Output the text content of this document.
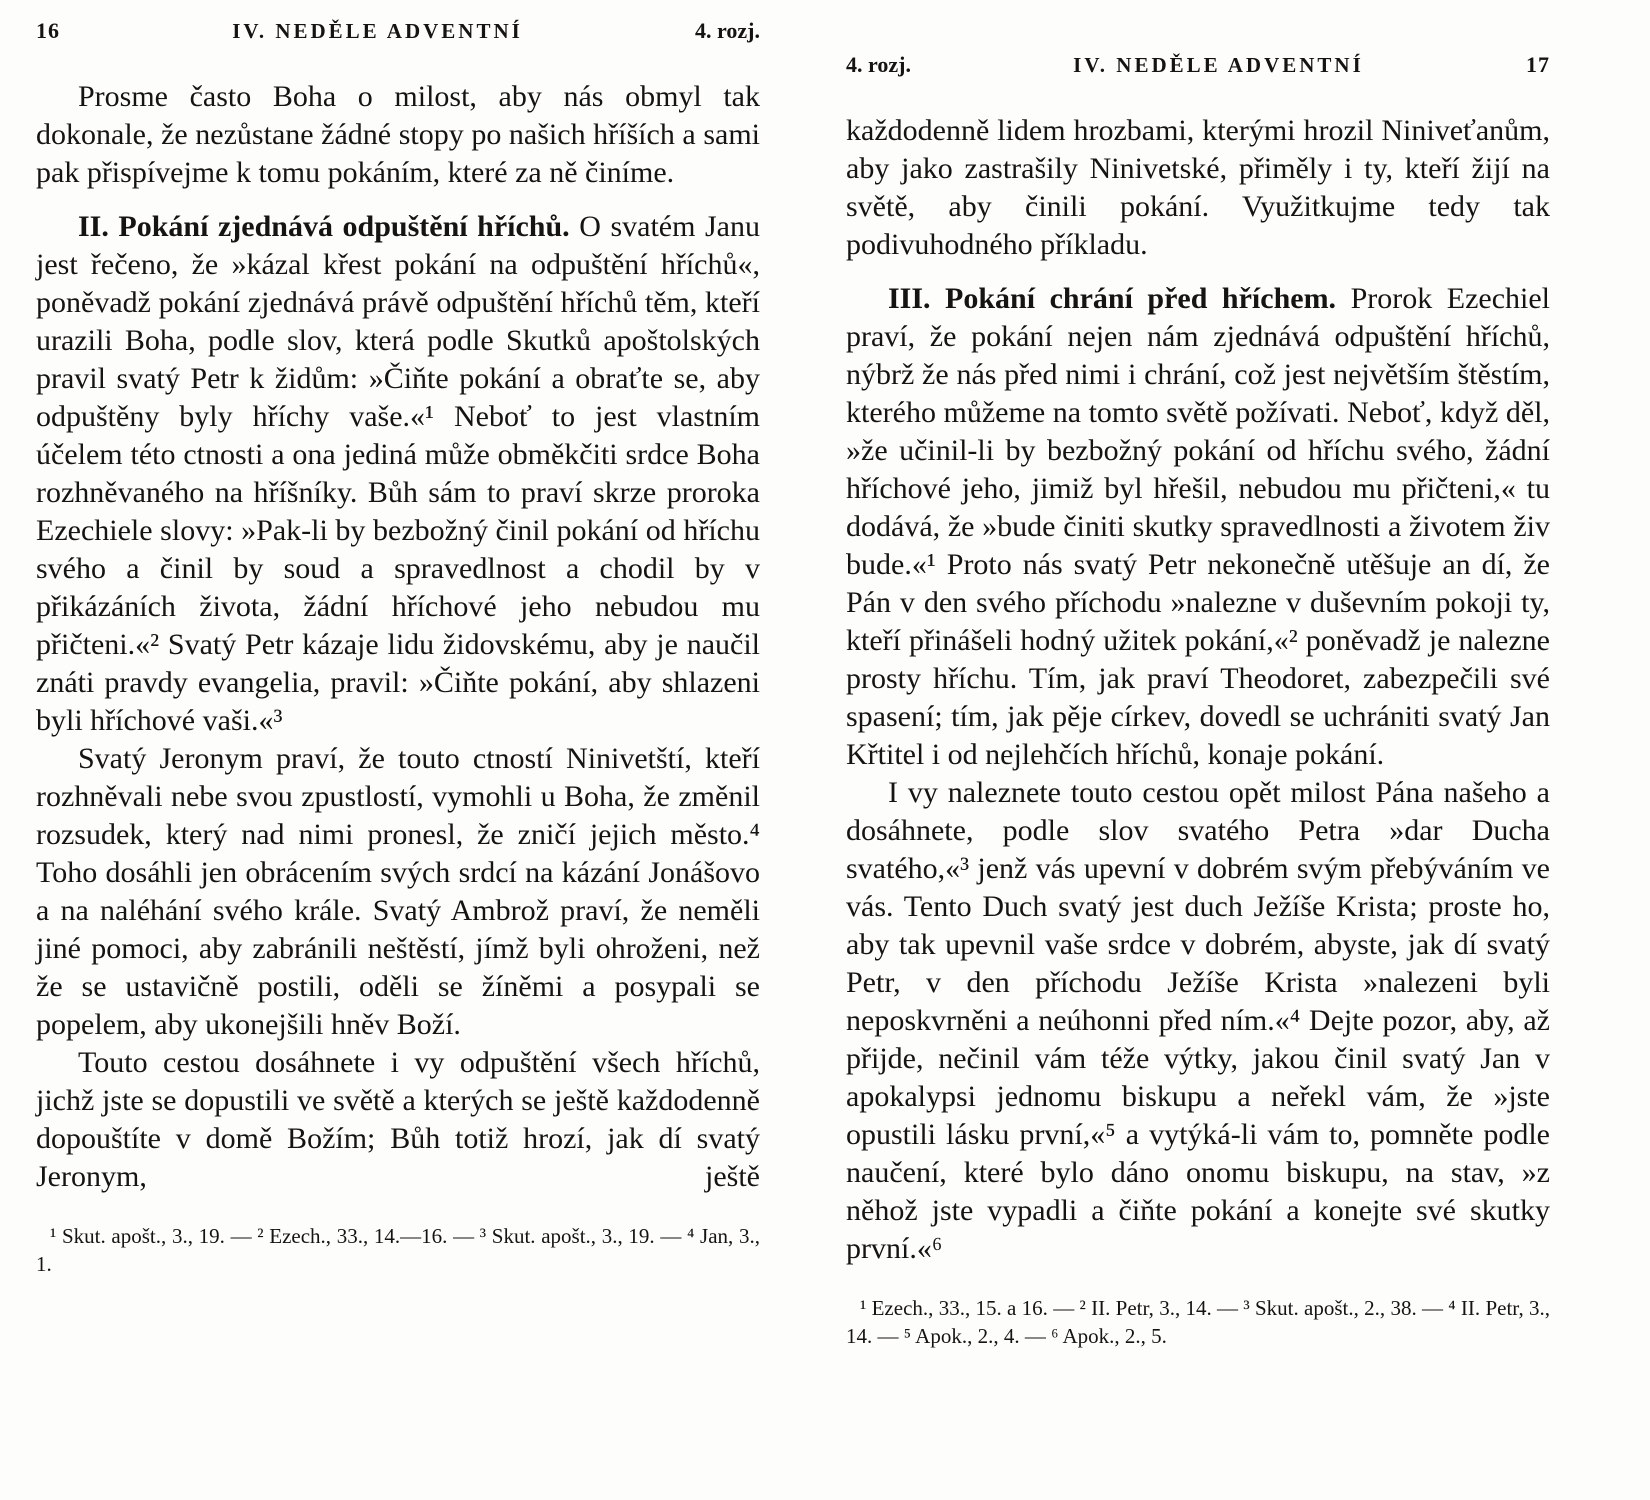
16	IV. NEDĚLE ADVENTNÍ	4. rozj.

Prosme často Boha o milost, aby nás obmyl tak dokonale, že nezůstane žádné stopy po našich hříších a sami pak přispívejme k tomu pokáním, které za ně činíme.

II. Pokání zjednává odpuštění hříchů. O svatém Janu jest řečeno, že »kázal křest pokání na odpuštění hříchů«, poněvadž pokání zjednává právě odpuštění hříchů těm, kteří urazili Boha, podle slov, která podle Skutků apoštolských pravil svatý Petr k židům: »Čiňte pokání a obraťte se, aby odpuštěny byly hříchy vaše.«¹ Neboť to jest vlastním účelem této ctnosti a ona jediná může obměkčiti srdce Boha rozhněvaného na hříšníky. Bůh sám to praví skrze proroka Ezechiele slovy: »Pak-li by bezbožný činil pokání od hříchu svého a činil by soud a spravedlnost a chodil by v přikázáních života, žádní hříchové jeho nebudou mu přičteni.«² Svatý Petr kázaje lidu židovskému, aby je naučil znáti pravdy evangelia, pravil: »Čiňte pokání, aby shlazeni byli hříchové vaši.«³

Svatý Jeronym praví, že touto ctností Ninivetští, kteří rozhněvali nebe svou zpustlostí, vymohli u Boha, že změnil rozsudek, který nad nimi pronesl, že zničí jejich město.⁴ Toho dosáhli jen obrácením svých srdcí na kázání Jonášovo a na naléhání svého krále. Svatý Ambrož praví, že neměli jiné pomoci, aby zabránili neštěstí, jímž byli ohroženi, než že se ustavičně postili, oděli se žíněmi a posypali se popelem, aby ukonejšili hněv Boží.

Touto cestou dosáhnete i vy odpuštění všech hříchů, jichž jste se dopustili ve světě a kterých se ještě každodenně dopouštíte v domě Božím; Bůh totiž hrozí, jak dí svatý Jeronym, ještě

¹ Skut. apošt., 3., 19. — ² Ezech., 33., 14.—16. — ³ Skut. apošt., 3., 19. — ⁴ Jan, 3., 1.
4. rozj.	IV. NEDĚLE ADVENTNÍ	17

každodenně lidem hrozbami, kterými hrozil Niniveťanům, aby jako zastrašily Ninivetské, přiměly i ty, kteří žijí na světě, aby činili pokání. Využitkujme tedy tak podivuhodného příkladu.

III. Pokání chrání před hříchem. Prorok Ezechiel praví, že pokání nejen nám zjednává odpuštění hříchů, nýbrž že nás před nimi i chrání, což jest největším štěstím, kterého můžeme na tomto světě požívati. Neboť, když děl, »že učinil-li by bezbožný pokání od hříchu svého, žádní hříchové jeho, jimiž byl hřešil, nebudou mu přičteni,« tu dodává, že »bude činiti skutky spravedlnosti a životem živ bude.«¹ Proto nás svatý Petr nekonečně utěšuje an dí, že Pán v den svého příchodu »nalezne v duševním pokoji ty, kteří přinášeli hodný užitek pokání,«² poněvadž je nalezne prosty hříchu. Tím, jak praví Theodoret, zabezpečili své spasení; tím, jak pěje církev, dovedl se uchrániti svatý Jan Křtitel i od nejlehčích hříchů, konaje pokání.

I vy naleznete touto cestou opět milost Pána našeho a dosáhnete, podle slov svatého Petra »dar Ducha svatého,«³ jenž vás upevní v dobrém svým přebýváním ve vás. Tento Duch svatý jest duch Ježíše Krista; proste ho, aby tak upevnil vaše srdce v dobrém, abyste, jak dí svatý Petr, v den příchodu Ježíše Krista »nalezeni byli neposkvrněni a neúhonni před ním.«⁴ Dejte pozor, aby, až přijde, nečinil vám téže výtky, jakou činil svatý Jan v apokalypsi jednomu biskupu a neřekl vám, že »jste opustili lásku první,«⁵ a vytýká-li vám to, pomněte podle naučení, které bylo dáno onomu biskupu, na stav, »z něhož jste vypadli a čiňte pokání a konejte své skutky první.«⁶

¹ Ezech., 33., 15. a 16. — ² II. Petr, 3., 14. — ³ Skut. apošt., 2., 38. — ⁴ II. Petr, 3., 14. — ⁵ Apok., 2., 4. — ⁶ Apok., 2., 5.
